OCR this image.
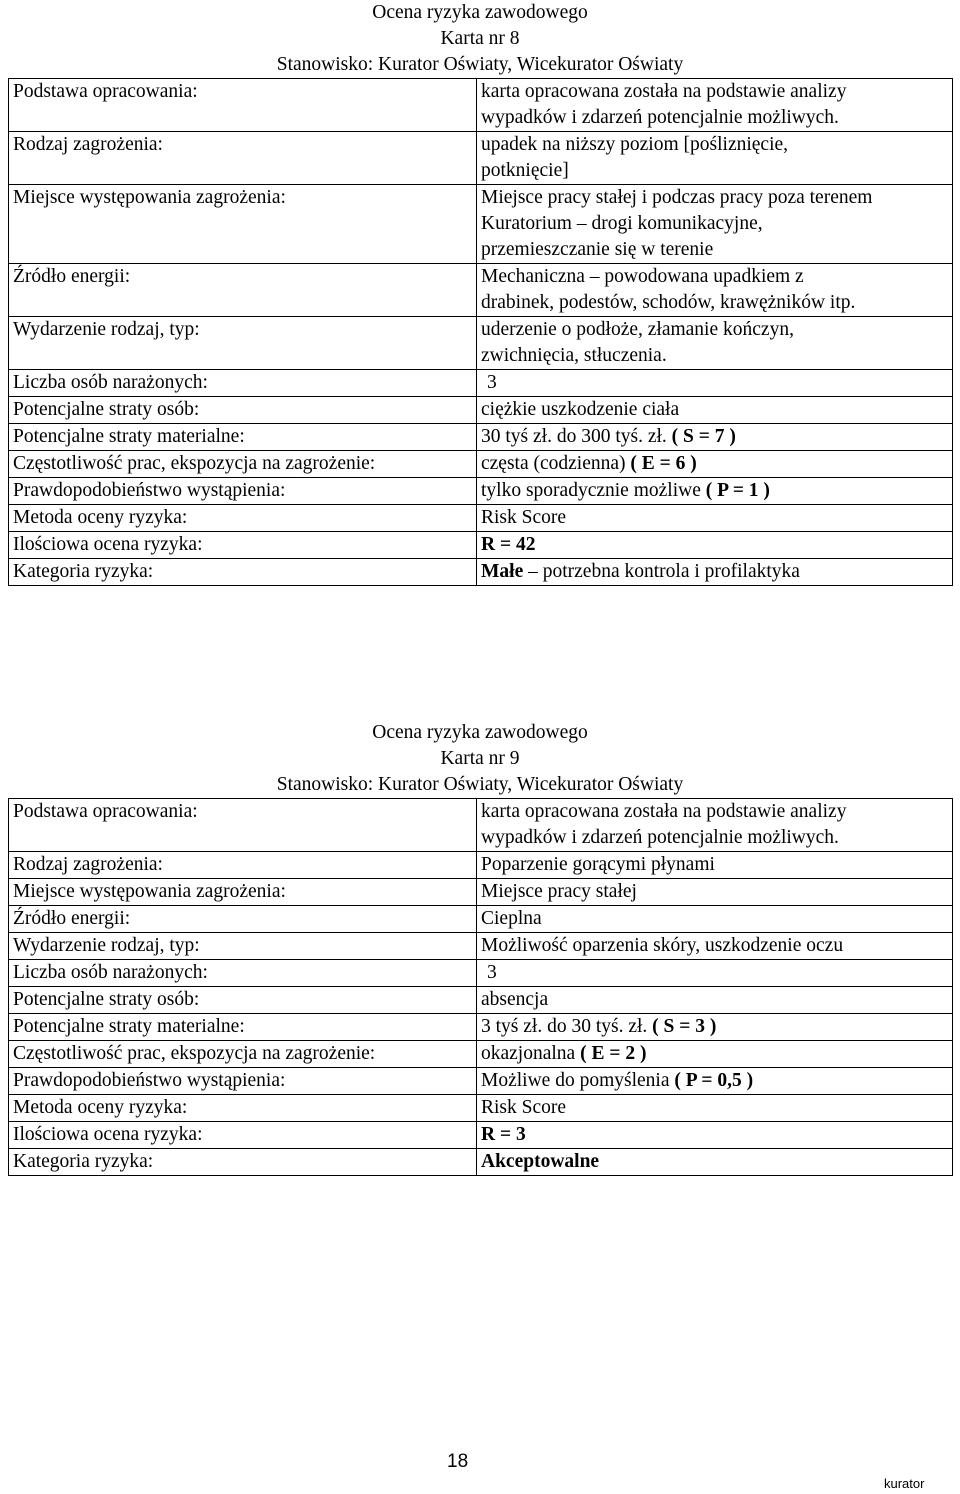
Ocena ryzyka zawodowego
Karta nr 8
Stanowisko: Kurator Oświaty, Wicekurator Oświaty
Podstawa opracowania:	karta opracowana została na podstawie analizy
wypadków i zdarzeń potencjalnie możliwych.
Rodzaj zagrożenia:	upadek na niższy poziom [pośliznięcie,
potknięcie]
Miejsce występowania zagrożenia:	Miejsce pracy stałej i podczas pracy poza terenem
Kuratorium – drogi komunikacyjne,
przemieszczanie się w terenie
Źródło energii:	Mechaniczna – powodowana upadkiem z
drabinek, podestów, schodów, krawężników itp.
Wydarzenie rodzaj, typ:	uderzenie o podłoże, złamanie kończyn,
zwichnięcia, stłuczenia.
Liczba osób narażonych: 3	

Potencjalne straty osób:	ciężkie uszkodzenie ciała
Potencjalne straty materialne:	30 tyś zł. do 300 tyś. zł. ( S = 7 )
Częstotliwość prac, ekspozycja na zagrożenie:	częsta (codzienna) ( E = 6 )
Prawdopodobieństwo wystąpienia:	tylko sporadycznie możliwe ( P = 1 )
Metoda oceny ryzyka:	Risk Score
Ilościowa ocena ryzyka:	R = 42
Kategoria ryzyka:	Małe – potrzebna kontrola i profilaktyka
Ocena ryzyka zawodowego
Karta nr 9
Stanowisko: Kurator Oświaty, Wicekurator Oświaty
Podstawa opracowania:	karta opracowana została na podstawie analizy
wypadków i zdarzeń potencjalnie możliwych.
Rodzaj zagrożenia:	Poparzenie gorącymi płynami
Miejsce występowania zagrożenia:	Miejsce pracy stałej
Źródło energii:	Cieplna
Wydarzenie rodzaj, typ:	Możliwość oparzenia skóry, uszkodzenie oczu
Liczba osób narażonych: 3	

Potencjalne straty osób:	absencja
Potencjalne straty materialne:	3 tyś zł. do 30 tyś. zł. ( S = 3 )
Częstotliwość prac, ekspozycja na zagrożenie:	okazjonalna ( E = 2 )
Prawdopodobieństwo wystąpienia:	Możliwe do pomyślenia ( P = 0,5 )
Metoda oceny ryzyka:	Risk Score
Ilościowa ocena ryzyka:	R = 3
Kategoria ryzyka:	Akceptowalne
18
kurator
